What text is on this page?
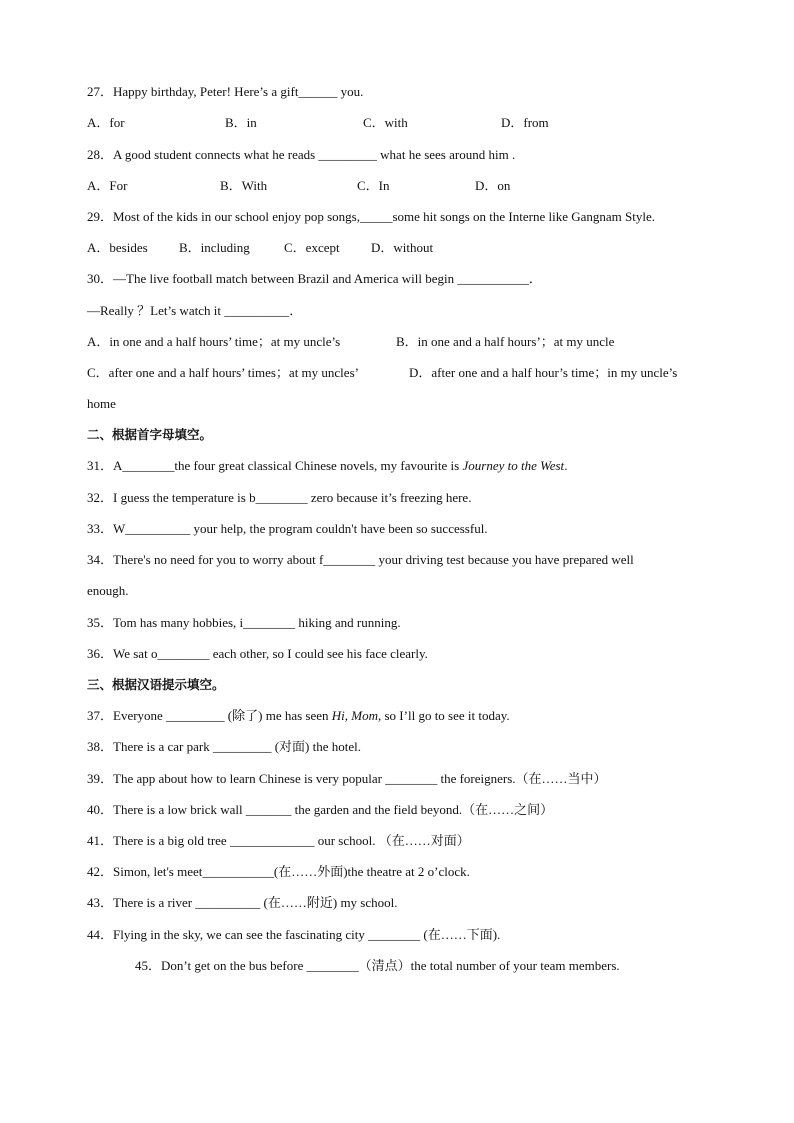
27．Happy birthday, Peter! Here’s a gift______ you.
A．for	B．in	C．with	D．from
28．A good student connects what he reads _________ what he sees around him .
A．For	B．With	C．In	D．on
29．Most of the kids in our school enjoy pop songs,_____some hit songs on the Interne like Gangnam Style.
A．besides B．including	C．except D．without
30．—The live football match between Brazil and America will begin ___________．
—Really ？Let’s watch it __________．
A．in one and a half hours’ time；at my uncle’s	B．in one and a half hours’；at my uncle
C．after one and a half hours’ times；at my uncles’	D．after one and a half hour’s time；in my uncle’s
home
二、根据首字母填空。
31．A________the four great classical Chinese novels, my favourite is Journey to the West.
32．I guess the temperature is b________ zero because it’s freezing here.
33．W__________ your help, the program couldn't have been so successful.
34．There's no need for you to worry about f________ your driving test because you have prepared well
enough.
35．Tom has many hobbies, i________ hiking and running.
36．We sat o________ each other, so I could see his face clearly.
三、根据汉语提示填空。
37．Everyone _________ (除了) me has seen Hi, Mom, so I’ll go to see it today.
38．There is a car park _________ (对面) the hotel.
39．The app about how to learn Chinese is very popular ________ the foreigners.（在……当中）
40．There is a low brick wall _______ the garden and the field beyond.（在……之间）
41．There is a big old tree _____________ our school. （在……对面）
42．Simon, let's meet___________(在……外面)the theatre at 2 o’clock.
43．There is a river __________ (在……附近) my school.
44．Flying in the sky, we can see the fascinating city ________ (在……下面).
45．Don’t get on the bus before ________（清点）the total number of your team members.
